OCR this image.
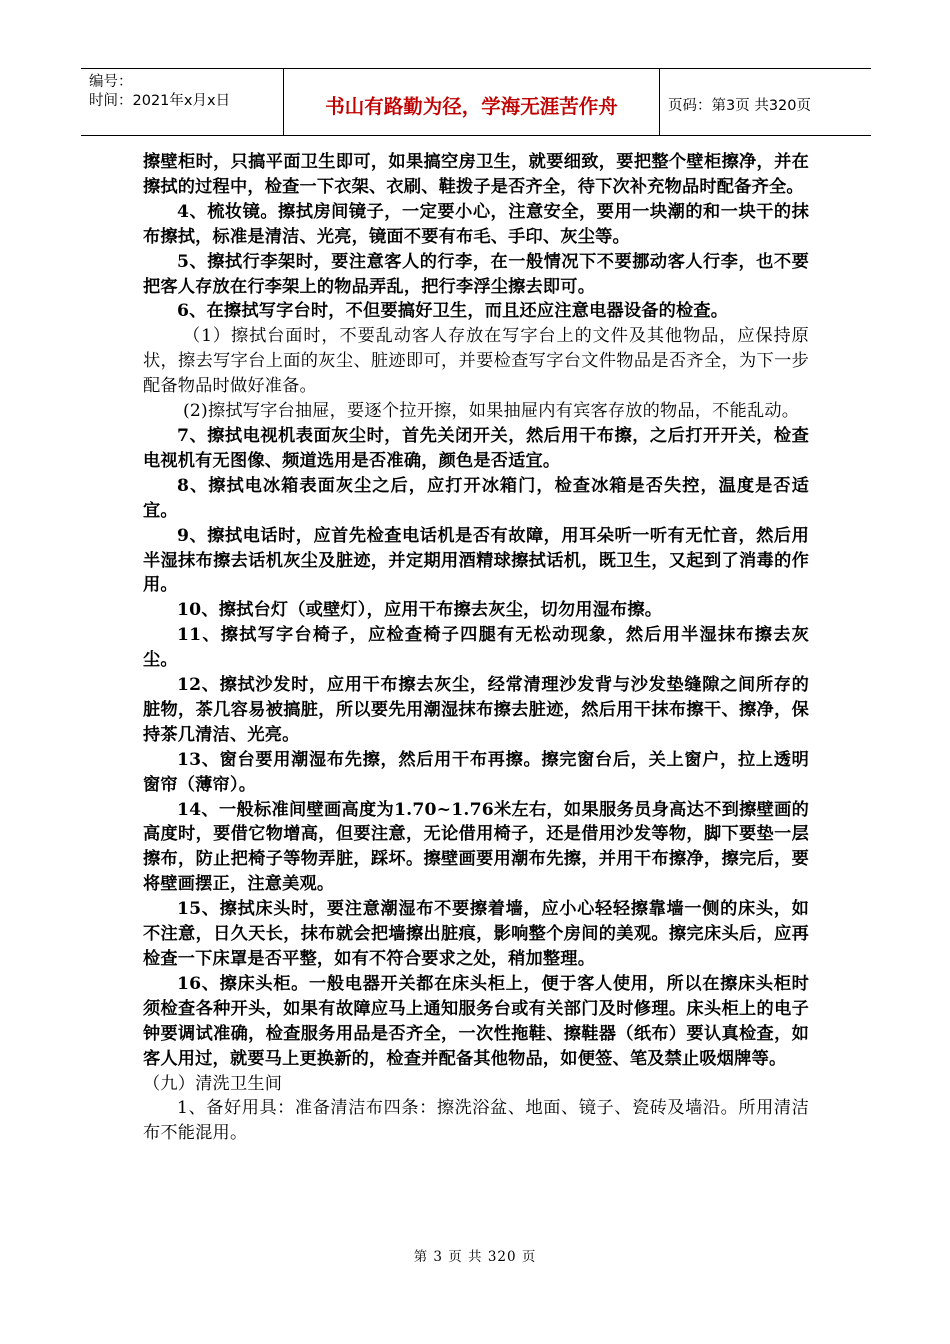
编号：
时间：2021年x月x日	书山有路勤为径，学海无涯苦作舟	页码：第3页 共320页

擦壁柜时，只搞平面卫生即可，如果搞空房卫生，就要细致，要把整个壁柜擦净，并在擦拭的过程中，检查一下衣架、衣刷、鞋拨子是否齐全，待下次补充物品时配备齐全。

4、梳妆镜。擦拭房间镜子，一定要小心，注意安全，要用一块潮的和一块干的抹布擦拭，标准是清洁、光亮，镜面不要有布毛、手印、灰尘等。

5、擦拭行李架时，要注意客人的行李，在一般情况下不要挪动客人行李，也不要把客人存放在行李架上的物品弄乱，把行李浮尘擦去即可。

6、在擦拭写字台时，不但要搞好卫生，而且还应注意电器设备的检查。

（1）擦拭台面时，不要乱动客人存放在写字台上的文件及其他物品，应保持原状，擦去写字台上面的灰尘、脏迹即可，并要检查写字台文件物品是否齐全，为下一步配备物品时做好准备。

(2)擦拭写字台抽屉，要逐个拉开擦，如果抽屉内有宾客存放的物品，不能乱动。

7、擦拭电视机表面灰尘时，首先关闭开关，然后用干布擦，之后打开开关，检查电视机有无图像、频道选用是否准确，颜色是否适宜。

8、擦拭电冰箱表面灰尘之后，应打开冰箱门，检查冰箱是否失控，温度是否适宜。

9、擦拭电话时，应首先检查电话机是否有故障，用耳朵听一听有无忙音，然后用半湿抹布擦去话机灰尘及脏迹，并定期用酒精球擦拭话机，既卫生，又起到了消毒的作用。

10、擦拭台灯（或壁灯），应用干布擦去灰尘，切勿用湿布擦。

11、擦拭写字台椅子，应检查椅子四腿有无松动现象，然后用半湿抹布擦去灰尘。

12、擦拭沙发时，应用干布擦去灰尘，经常清理沙发背与沙发垫缝隙之间所存的脏物，茶几容易被搞脏，所以要先用潮湿抹布擦去脏迹，然后用干抹布擦干、擦净，保持茶几清洁、光亮。

13、窗台要用潮湿布先擦，然后用干布再擦。擦完窗台后，关上窗户，拉上透明窗帘（薄帘）。

14、一般标准间壁画高度为1.70~1.76米左右，如果服务员身高达不到擦壁画的高度时，要借它物增高，但要注意，无论借用椅子，还是借用沙发等物，脚下要垫一层擦布，防止把椅子等物弄脏，踩坏。擦壁画要用潮布先擦，并用干布擦净，擦完后，要将壁画摆正，注意美观。

15、擦拭床头时，要注意潮湿布不要擦着墙，应小心轻轻擦靠墙一侧的床头，如不注意，日久天长，抹布就会把墙擦出脏痕，影响整个房间的美观。擦完床头后，应再检查一下床罩是否平整，如有不符合要求之处，稍加整理。

16、擦床头柜。一般电器开关都在床头柜上，便于客人使用，所以在擦床头柜时须检查各种开头，如果有故障应马上通知服务台或有关部门及时修理。床头柜上的电子钟要调试准确，检查服务用品是否齐全，一次性拖鞋、擦鞋器（纸布）要认真检查，如客人用过，就要马上更换新的，检查并配备其他物品，如便签、笔及禁止吸烟牌等。

（九）清洗卫生间

1、备好用具：准备清洁布四条：擦洗浴盆、地面、镜子、瓷砖及墙沿。所用清洁布不能混用。

第 3 页 共 320 页
